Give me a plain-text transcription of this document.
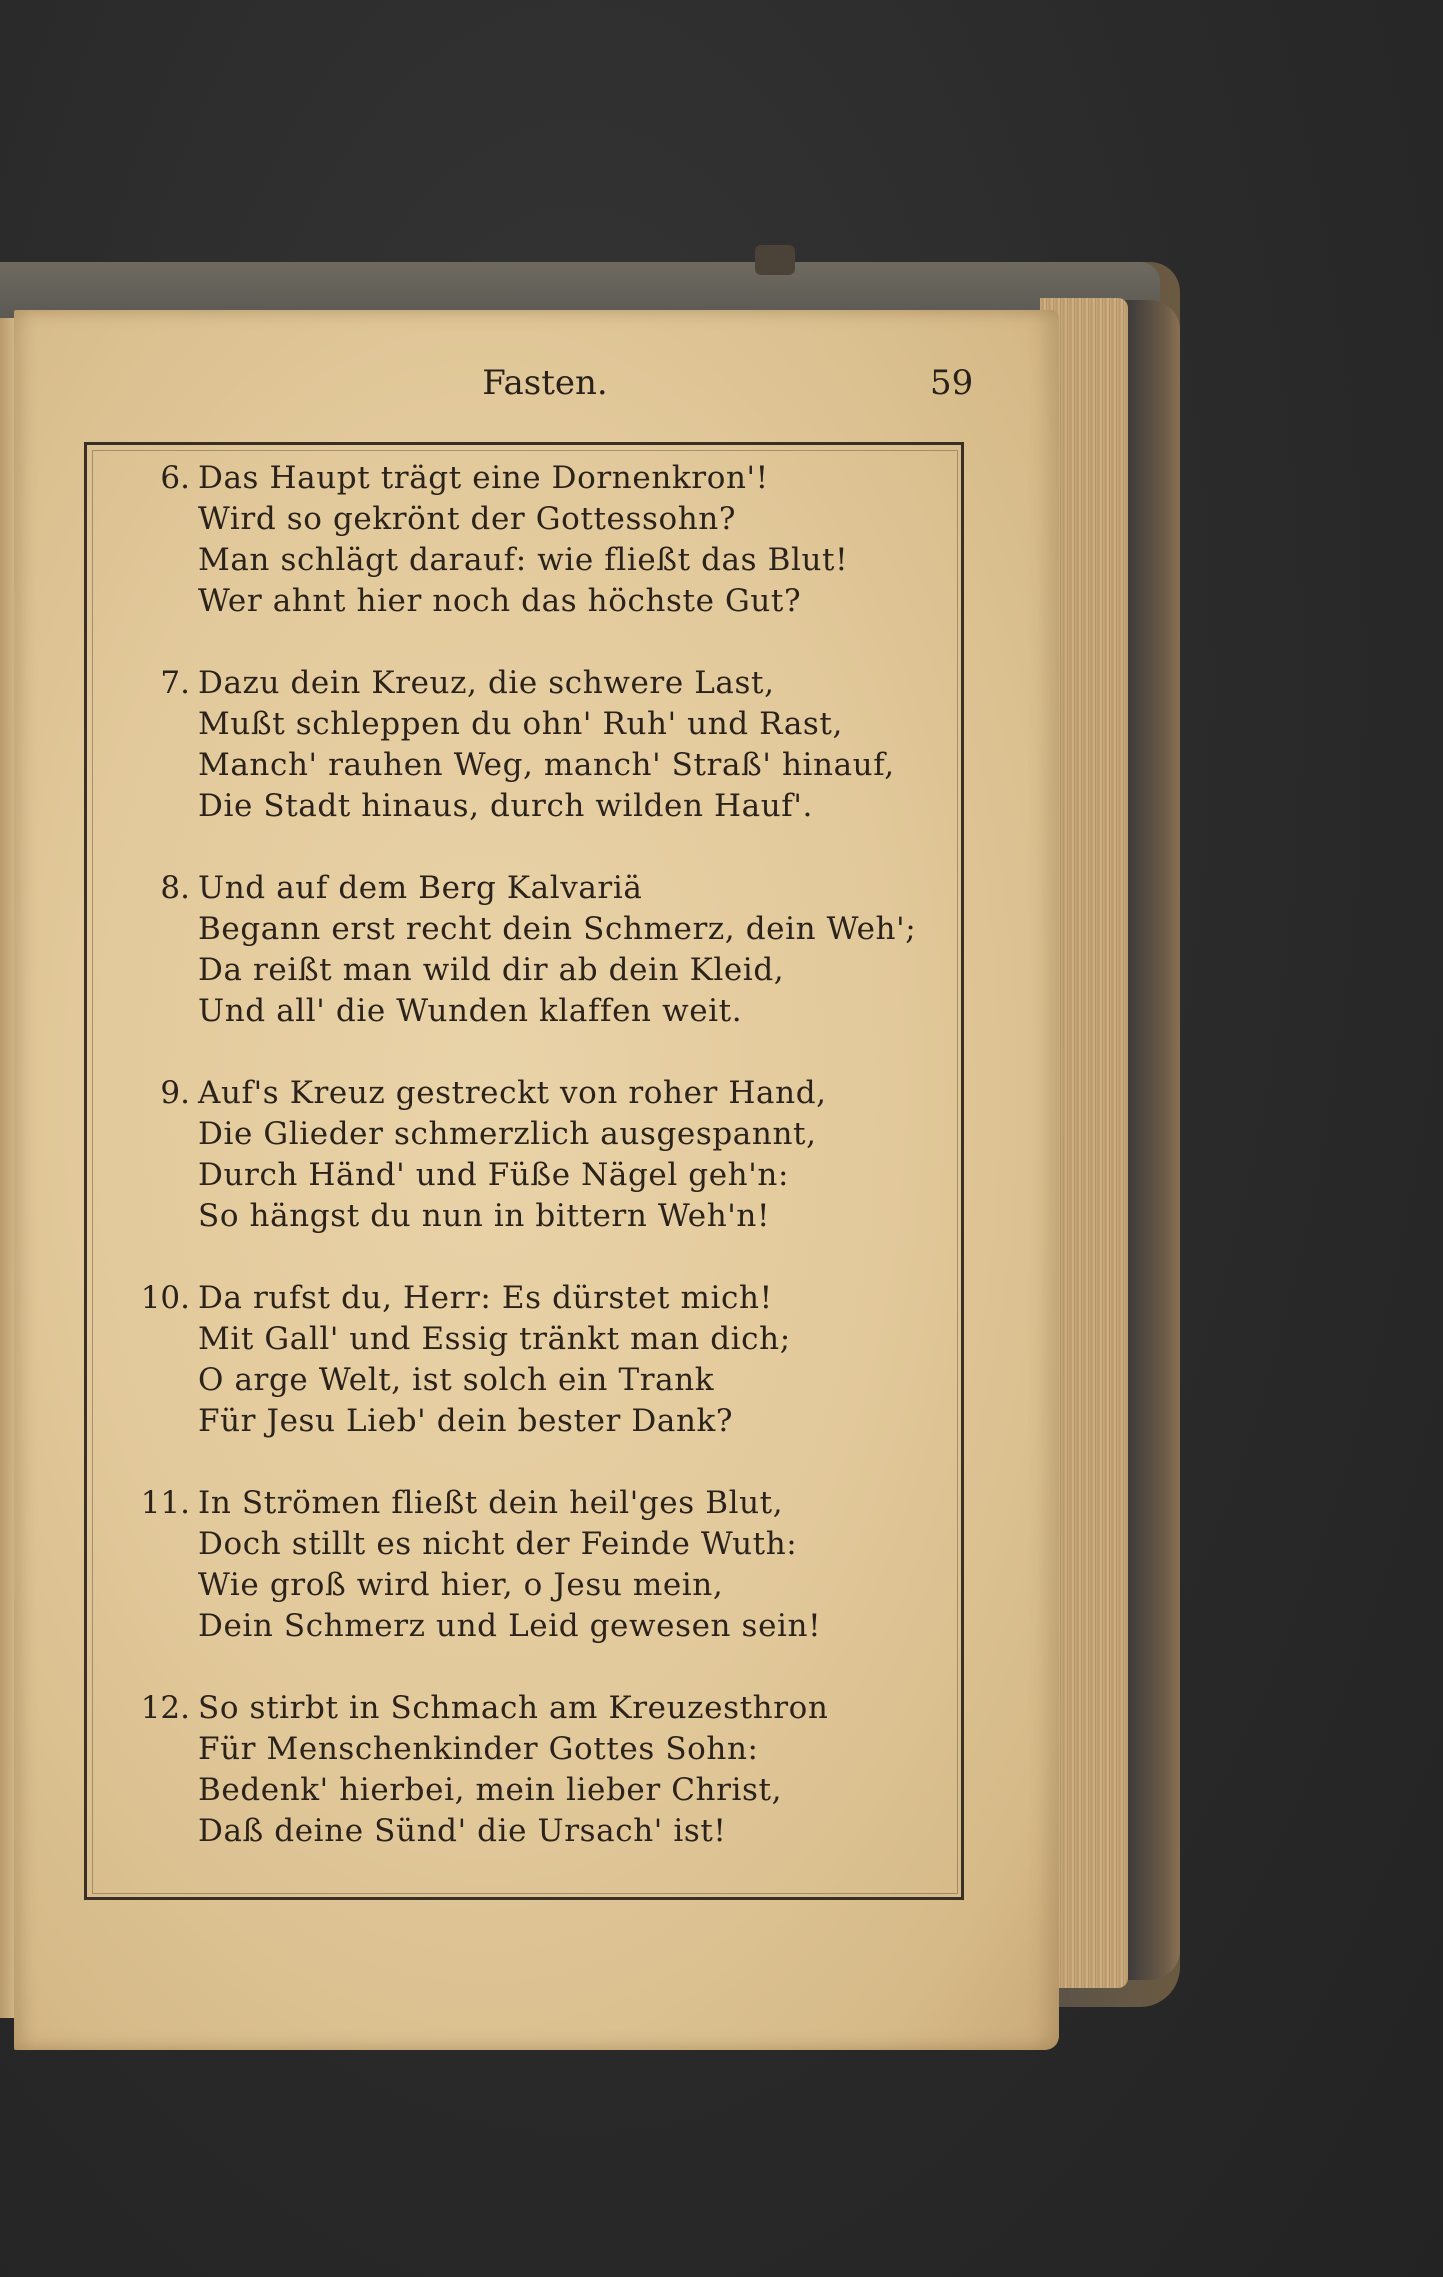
Fasten.	59
6. Das Haupt trägt eine Dornenkron'!
Wird so gekrönt der Gottessohn?
Man schlägt darauf: wie fließt das Blut!
Wer ahnt hier noch das höchste Gut?
7. Dazu dein Kreuz, die schwere Last,
Mußt schleppen du ohn' Ruh' und Rast,
Manch' rauhen Weg, manch' Straß' hinauf,
Die Stadt hinaus, durch wilden Hauf'.
8. Und auf dem Berg Kalvariä
Begann erst recht dein Schmerz, dein Weh';
Da reißt man wild dir ab dein Kleid,
Und all' die Wunden klaffen weit.
9. Auf's Kreuz gestreckt von roher Hand,
Die Glieder schmerzlich ausgespannt,
Durch Händ' und Füße Nägel geh'n:
So hängst du nun in bittern Weh'n!
10. Da rufst du, Herr: Es dürstet mich!
Mit Gall' und Essig tränkt man dich;
O arge Welt, ist solch ein Trank
Für Jesu Lieb' dein bester Dank?
11. In Strömen fließt dein heil'ges Blut,
Doch stillt es nicht der Feinde Wuth:
Wie groß wird hier, o Jesu mein,
Dein Schmerz und Leid gewesen sein!
12. So stirbt in Schmach am Kreuzesthron
Für Menschenkinder Gottes Sohn:
Bedenk' hierbei, mein lieber Christ,
Daß deine Sünd' die Ursach' ist!
